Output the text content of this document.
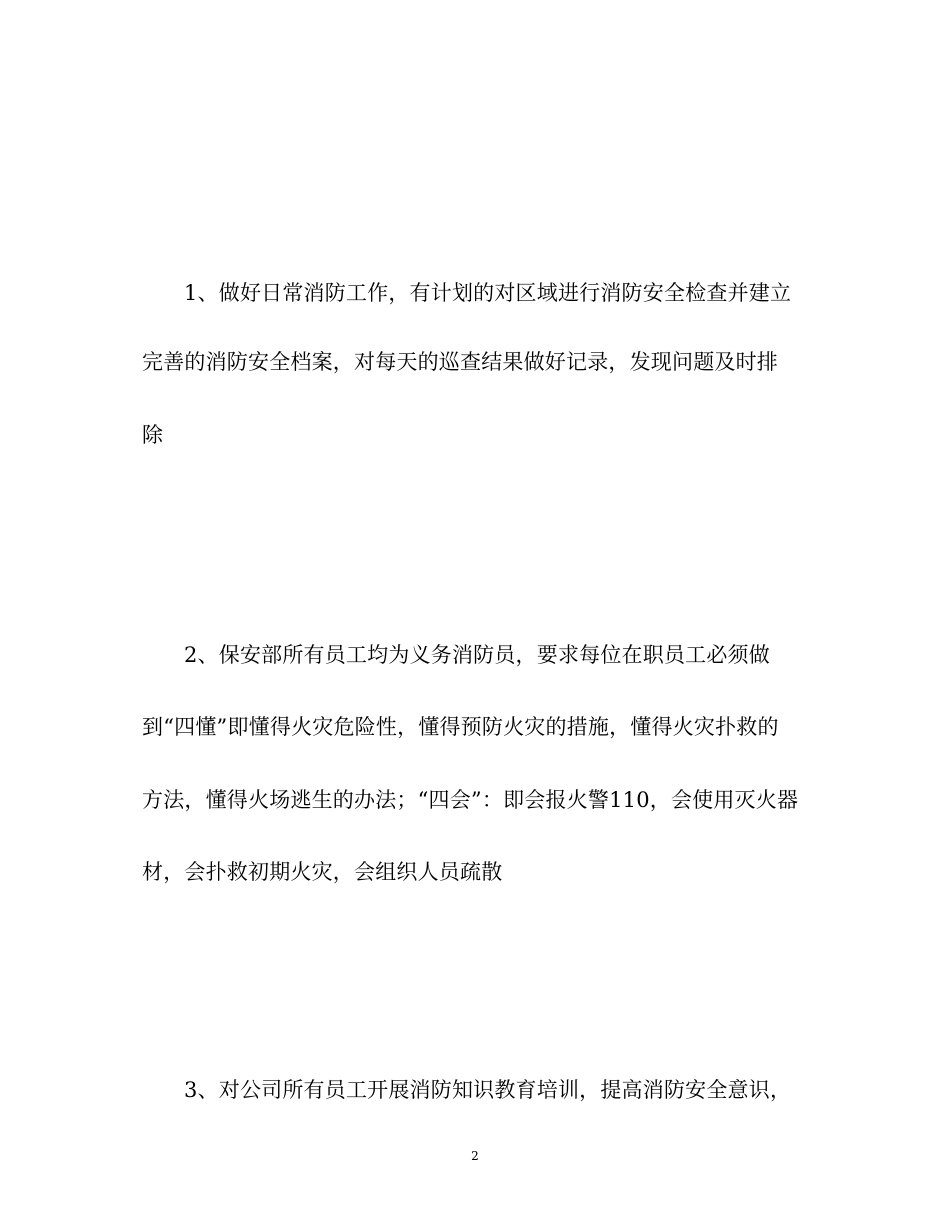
1、做好日常消防工作，有计划的对区域进行消防安全检查并建立
完善的消防安全档案，对每天的巡查结果做好记录，发现问题及时排
除
2、保安部所有员工均为义务消防员，要求每位在职员工必须做
到“四懂”即懂得火灾危险性，懂得预防火灾的措施，懂得火灾扑救的
方法，懂得火场逃生的办法；“四会”：即会报火警110，会使用灭火器
材，会扑救初期火灾，会组织人员疏散
3、对公司所有员工开展消防知识教育培训，提高消防安全意识，
2
